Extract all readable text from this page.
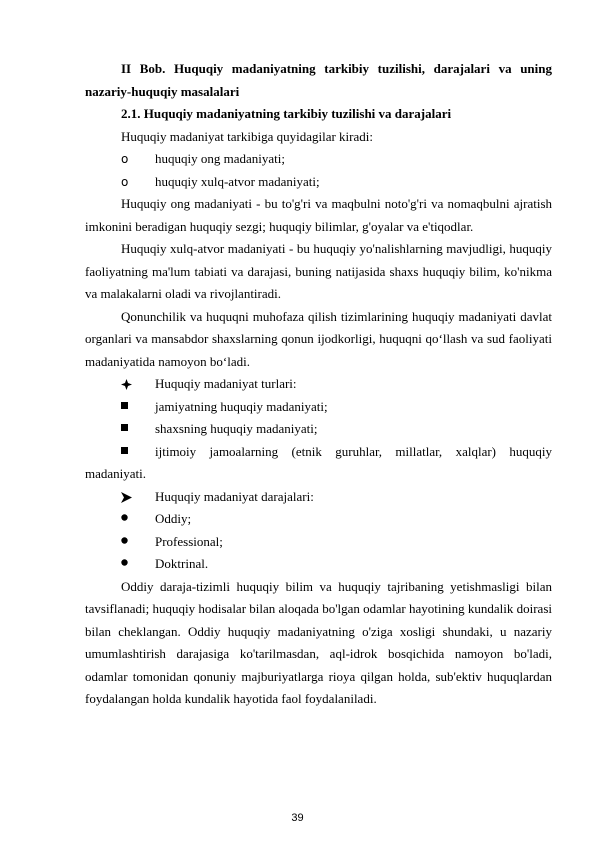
II Bob. Huquqiy madaniyatning tarkibiy tuzilishi, darajalari va uning nazariy-huquqiy masalalari

2.1. Huquqiy madaniyatning tarkibiy tuzilishi va darajalari

Huquqiy madaniyat tarkibiga quyidagilar kiradi:

o
huquqiy ong madaniyati;

o
huquqiy xulq-atvor madaniyati;

Huquqiy ong madaniyati - bu to'g'ri va maqbulni noto'g'ri va nomaqbulni ajratish imkonini beradigan huquqiy sezgi; huquqiy bilimlar, g'oyalar va e'tiqodlar.

Huquqiy xulq-atvor madaniyati - bu huquqiy yo'nalishlarning mavjudligi, huquqiy faoliyatning ma'lum tabiati va darajasi, buning natijasida shaxs huquqiy bilim, ko'nikma va malakalarni oladi va rivojlantiradi.

Qonunchilik va huquqni muhofaza qilish tizimlarining huquqiy madaniyati davlat organlari va mansabdor shaxslarning qonun ijodkorligi, huquqni qo‘llash va sud faoliyati madaniyatida namoyon bo‘ladi.

Huquqiy madaniyat turlari:

jamiyatning huquqiy madaniyati;

shaxsning huquqiy madaniyati;

ijtimoiy jamoalarning (etnik guruhlar, millatlar, xalqlar) huquqiy madaniyati.

Huquqiy madaniyat darajalari:

Oddiy;

Professional;

Doktrinal.

Oddiy daraja-tizimli huquqiy bilim va huquqiy tajribaning yetishmasligi bilan tavsiflanadi; huquqiy hodisalar bilan aloqada bo'lgan odamlar hayotining kundalik doirasi bilan cheklangan. Oddiy huquqiy madaniyatning o'ziga xosligi shundaki, u nazariy umumlashtirish darajasiga ko'tarilmasdan, aql-idrok bosqichida namoyon bo'ladi, odamlar tomonidan qonuniy majburiyatlarga rioya qilgan holda, sub'ektiv huquqlardan foydalangan holda kundalik hayotida faol foydalaniladi.

39
